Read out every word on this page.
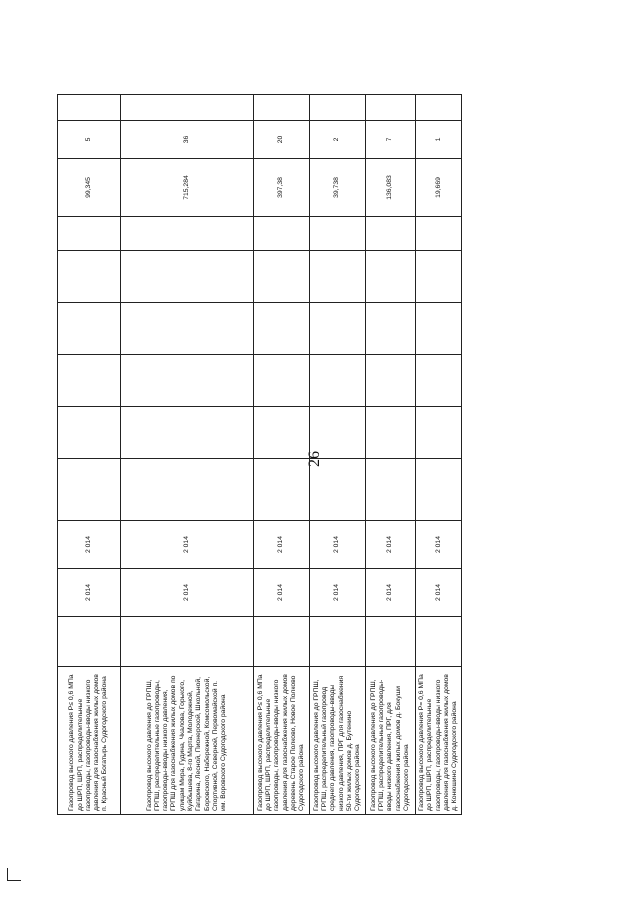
26
Газопровод высокого давления Р≤ 0,6 МПа до ШРП, ШРП, распределительные газопроводы, газопроводы-вводы низкого давления для газоснабжения жилых домов п. Красный Богатырь Судогодского района		2 014	2 014							99,345	5	
Газопровод высокого давления до ГРПШ, ГРПШ, распределительные газопроводы, газопроводы-вводы низкого давления, ГРПШ для газоснабжения жилых домов по улицам Мира, Гудина, Чкалова, Горького, Куйбышева, 8-го Марта, Молодежной, Гагарина, Лесной, Пионерской, Школьной, Боровского, Набережной, Комсомольской, Спортивной, Северной, Первомайской п. им. Воровского Судогодского района		2 014	2 014							715,284	36	
Газопровод высокого давления Р≤ 0,6 МПа до ШРП, ШРП, распределительные газопроводы, газопроводы-вводы низкого давления для газоснабжения жилых домов деревень Старое Полково, Новое Полково Судогодского района		2 014	2 014							397,38	20	
Газопровод высокого давления до ГРПШ, ГРПШ, распределительный газопровод среднего давления, газопроводы-вводы низкого давления, ПРГ для газоснабжения 50-ти жилых домов д. Бутенино Судогодского района		2 014	2 014							39,738	2	
Газопровод высокого давления до ГРПШ, ГРПШ, распределительные газопроводы-вводы низкого давления, ПРГ, для газоснабжения жилых домов д. Бокуши Судогодского района		2 014	2 014							136,083	7	
Газопровод высокого давления Р= 0,6 МПа до ШРП, ШРП, распределительные газопроводы, газопроводы-вводы низкого давления для газоснабжения жилых домов д. Конюшино Судогодского района		2 014	2 014							19,669	1	
